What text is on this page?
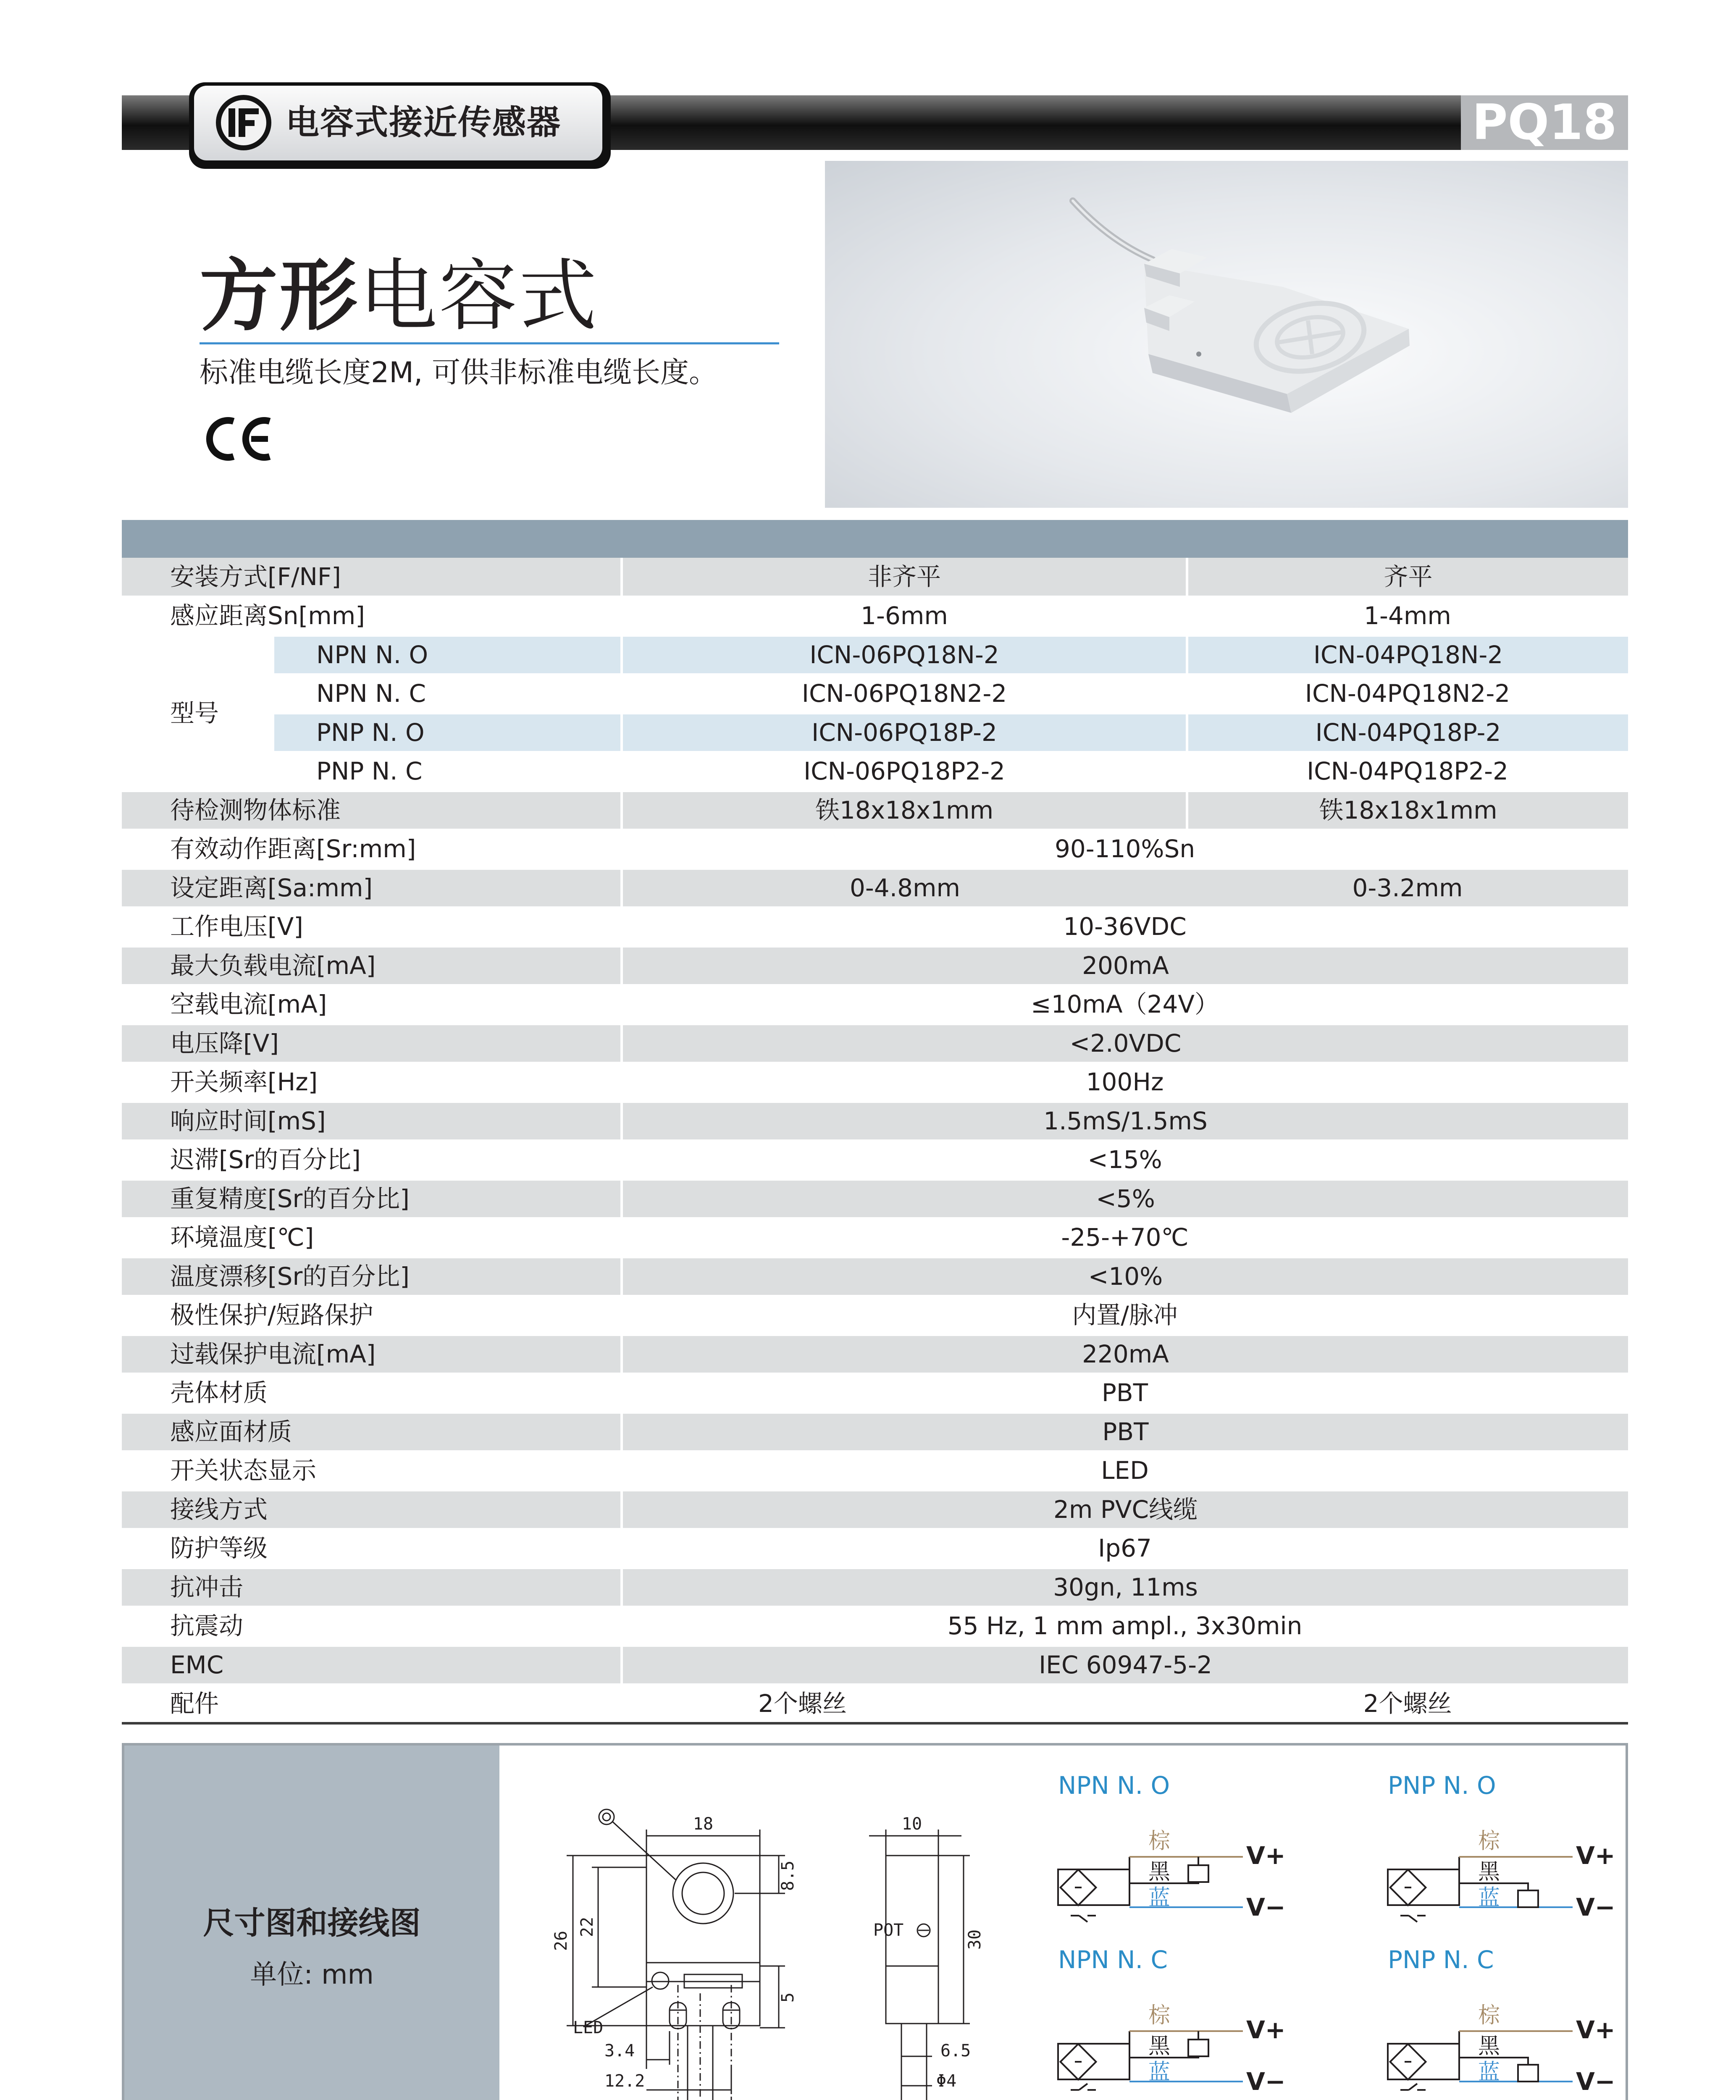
电容式接近传感器	PQ18
方形电容式
标准电缆长度2M, 可供非标准电缆长度。
安装方式[F/NF]		非齐平	齐平
感应距离Sn[mm]		1-6mm	1-4mm
型号	NPN N. O	ICN-06PQ18N-2	ICN-04PQ18N-2
	NPN N. C	ICN-06PQ18N2-2	ICN-04PQ18N2-2
	PNP N. O	ICN-06PQ18P-2	ICN-04PQ18P-2
	PNP N. C	ICN-06PQ18P2-2	ICN-04PQ18P2-2
待检测物体标准		铁18x18x1mm	铁18x18x1mm
有效动作距离[Sr:mm]		90-110%Sn	
设定距离[Sa:mm]		0-4.8mm	0-3.2mm
工作电压[V]		10-36VDC	
最大负载电流[mA]		200mA	
空载电流[mA]		≤10mA（24V）	
电压降[V]		<2.0VDC	
开关频率[Hz]		100Hz	
响应时间[mS]		1.5mS/1.5mS	
迟滞[Sr的百分比]		<15%	
重复精度[Sr的百分比]		<5%	
环境温度[℃]		-25-+70℃	
温度漂移[Sr的百分比]		<10%	
极性保护/短路保护		内置/脉冲	
过载保护电流[mA]		220mA	
壳体材质		PBT	
感应面材质		PBT	
开关状态显示		LED	
接线方式		2m PVC线缆	
防护等级		Ip67	
抗冲击		30gn, 11ms	
抗震动		55 Hz, 1 mm ampl., 3x30min	
EMC		IEC 60947-5-2	
配件		2个螺丝	2个螺丝
尺寸图和接线图
单位: mm
18	10
8.5
26
22
30
5
3.4
12.2
6.5
Φ4
LED
POT
NPN N. O
棕
黑
蓝
V+
V−
PNP N. O
棕
黑
蓝
V+
V−
NPN N. C
棕
黑
蓝
V+
V−
PNP N. C
棕
黑
蓝
V+
V−
